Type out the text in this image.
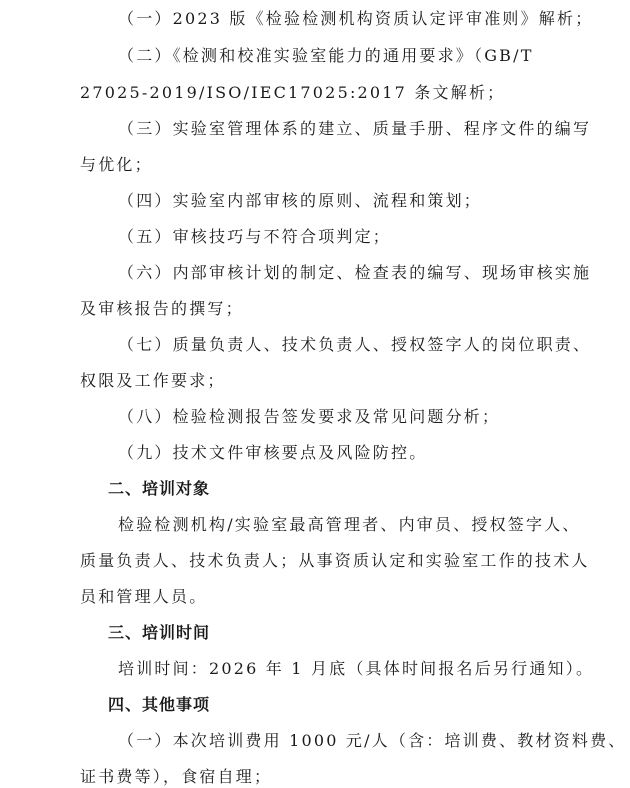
（一）2023 版《检验检测机构资质认定评审准则》解析；
（二）《检测和校准实验室能力的通用要求》（GB/T
27025-2019/ISO/IEC17025:2017 条文解析；
（三）实验室管理体系的建立、质量手册、程序文件的编写
与优化；
（四）实验室内部审核的原则、流程和策划；
（五）审核技巧与不符合项判定；
（六）内部审核计划的制定、检查表的编写、现场审核实施
及审核报告的撰写；
（七）质量负责人、技术负责人、授权签字人的岗位职责、
权限及工作要求；
（八）检验检测报告签发要求及常见问题分析；
（九）技术文件审核要点及风险防控。
二、培训对象
检验检测机构/实验室最高管理者、内审员、授权签字人、
质量负责人、技术负责人；从事资质认定和实验室工作的技术人
员和管理人员。
三、培训时间
培训时间：2026 年 1 月底（具体时间报名后另行通知）。
四、其他事项
（一）本次培训费用 1000 元/人（含：培训费、教材资料费、
证书费等），食宿自理；
